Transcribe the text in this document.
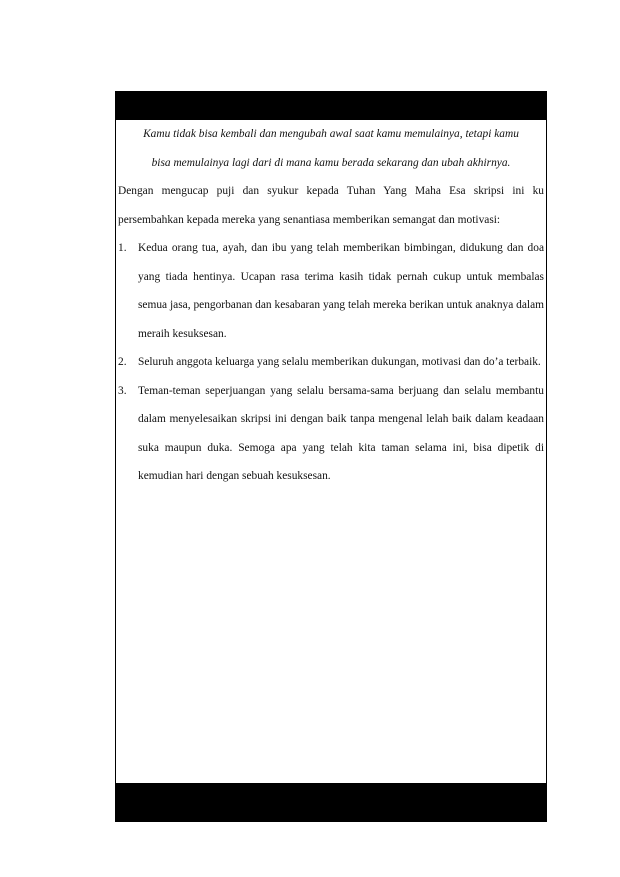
Kamu tidak bisa kembali dan mengubah awal saat kamu memulainya, tetapi kamu
bisa memulainya lagi dari di mana kamu berada sekarang dan ubah akhirnya.

Dengan mengucap puji dan syukur kepada Tuhan Yang Maha Esa skripsi ini ku persembahkan kepada mereka yang senantiasa memberikan semangat dan motivasi:

1. Kedua orang tua, ayah, dan ibu yang telah memberikan bimbingan, didukung dan doa yang tiada hentinya. Ucapan rasa terima kasih tidak pernah cukup untuk membalas semua jasa, pengorbanan dan kesabaran yang telah mereka berikan untuk anaknya dalam meraih kesuksesan.
2. Seluruh anggota keluarga yang selalu memberikan dukungan, motivasi dan do’a terbaik.
3. Teman-teman seperjuangan yang selalu bersama-sama berjuang dan selalu membantu dalam menyelesaikan skripsi ini dengan baik tanpa mengenal lelah baik dalam keadaan suka maupun duka. Semoga apa yang telah kita taman selama ini, bisa dipetik di kemudian hari dengan sebuah kesuksesan.
